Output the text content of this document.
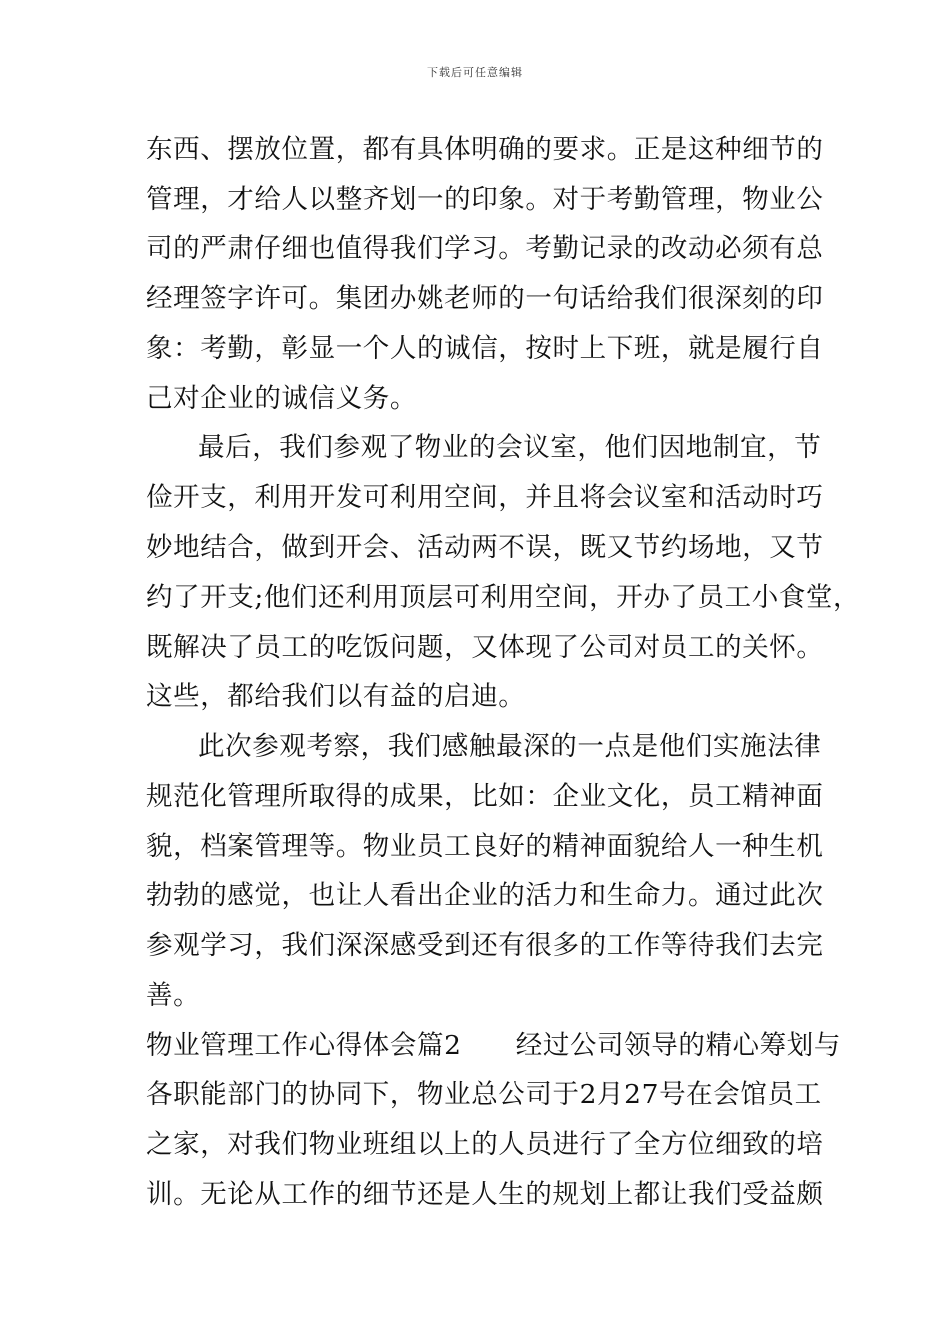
下载后可任意编辑
东西、摆放位置，都有具体明确的要求。正是这种细节的
管理，才给人以整齐划一的印象。对于考勤管理，物业公
司的严肃仔细也值得我们学习。考勤记录的改动必须有总
经理签字许可。集团办姚老师的一句话给我们很深刻的印
象：考勤，彰显一个人的诚信，按时上下班，就是履行自
己对企业的诚信义务。
最后，我们参观了物业的会议室，他们因地制宜，节
俭开支，利用开发可利用空间，并且将会议室和活动时巧
妙地结合，做到开会、活动两不误，既又节约场地，又节
约了开支;他们还利用顶层可利用空间，开办了员工小食堂，
既解决了员工的吃饭问题，又体现了公司对员工的关怀。
这些，都给我们以有益的启迪。
此次参观考察，我们感触最深的一点是他们实施法律
规范化管理所取得的成果，比如：企业文化，员工精神面
貌，档案管理等。物业员工良好的精神面貌给人一种生机
勃勃的感觉，也让人看出企业的活力和生命力。通过此次
参观学习，我们深深感受到还有很多的工作等待我们去完
善。
物业管理工作心得体会篇2　　经过公司领导的精心筹划与
各职能部门的协同下，物业总公司于2月27号在会馆员工
之家，对我们物业班组以上的人员进行了全方位细致的培
训。无论从工作的细节还是人生的规划上都让我们受益颇
